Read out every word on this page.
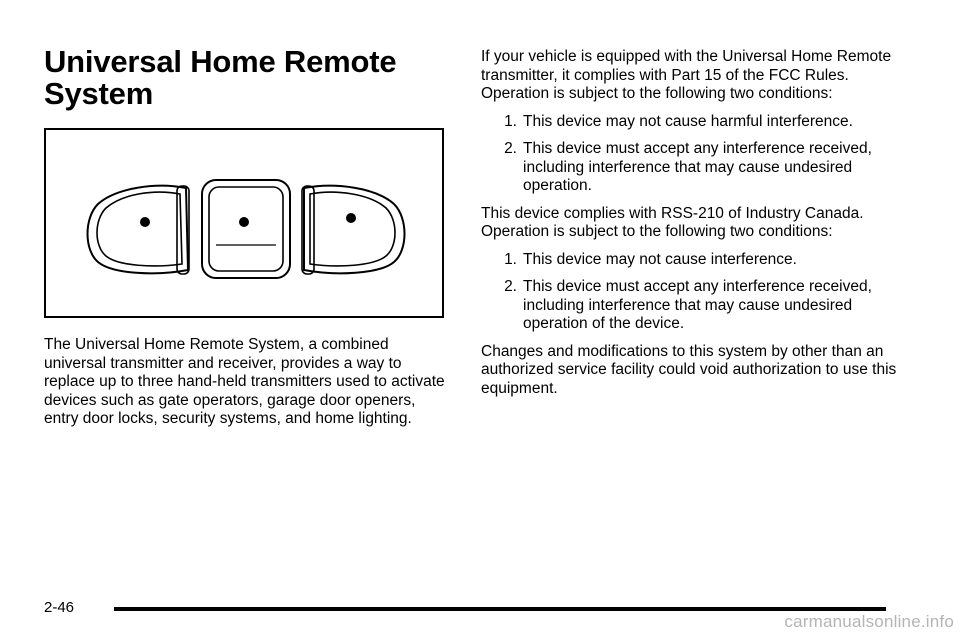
Universal Home Remote
System

The Universal Home Remote System, a combined universal transmitter and receiver, provides a way to replace up to three hand-held transmitters used to activate devices such as gate operators, garage door openers, entry door locks, security systems, and home lighting.

If your vehicle is equipped with the Universal Home Remote transmitter, it complies with Part 15 of the FCC Rules. Operation is subject to the following two conditions:

1. This device may not cause harmful interference.
2. This device must accept any interference received, including interference that may cause undesired operation.

This device complies with RSS-210 of Industry Canada. Operation is subject to the following two conditions:

1. This device may not cause interference.
2. This device must accept any interference received, including interference that may cause undesired operation of the device.

Changes and modifications to this system by other than an authorized service facility could void authorization to use this equipment.

2-46
carmanualsonline.info
